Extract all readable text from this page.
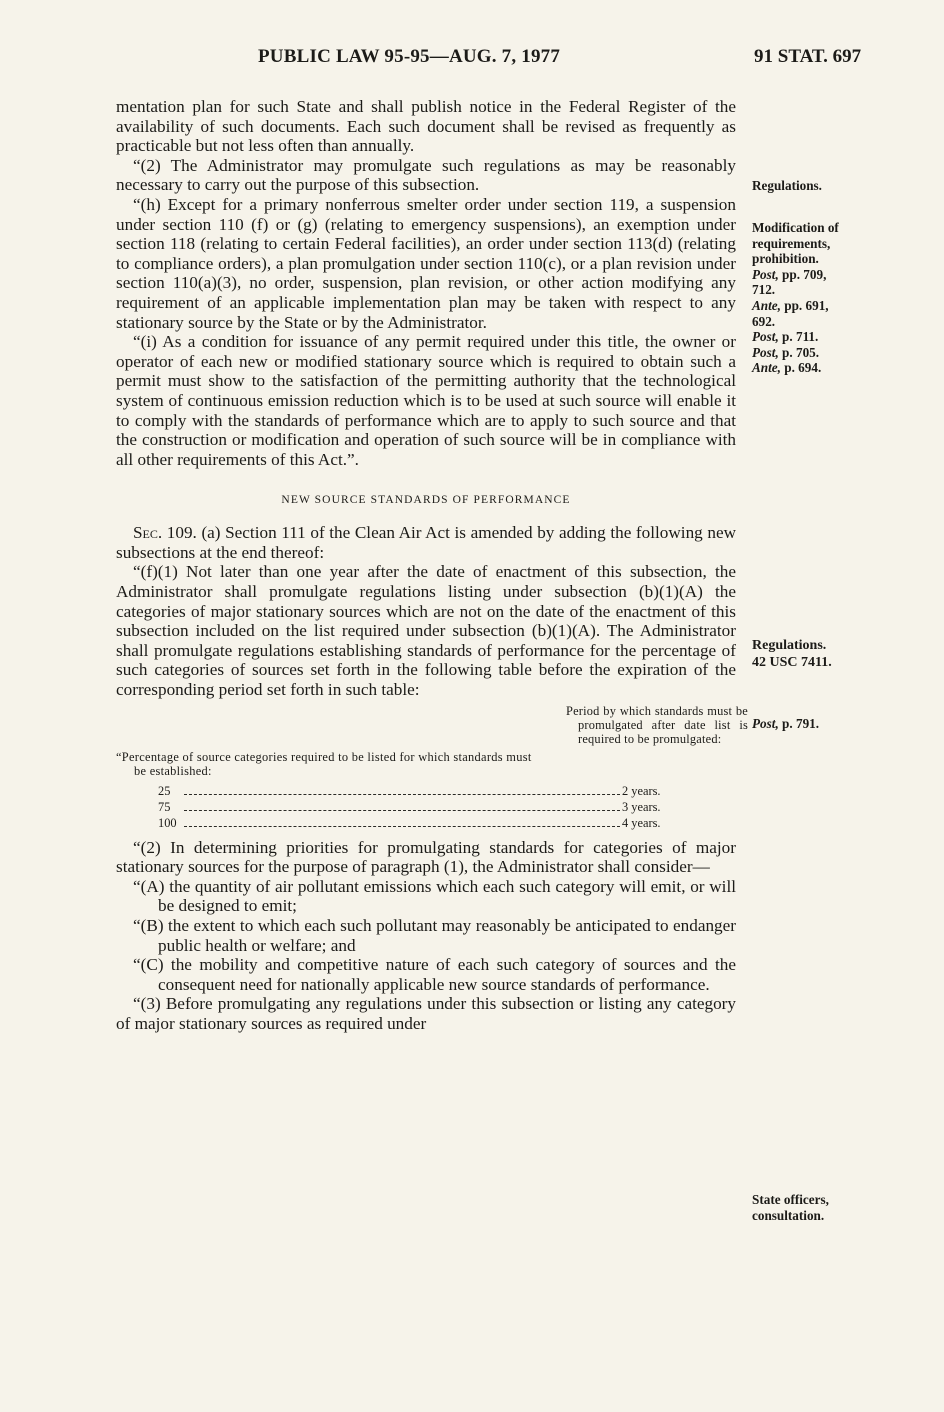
PUBLIC LAW 95-95—AUG. 7, 1977	91 STAT. 697

mentation plan for such State and shall publish notice in the Federal Register of the availability of such documents. Each such document shall be revised as frequently as practicable but not less often than annually.

“(2) The Administrator may promulgate such regulations as may be reasonably necessary to carry out the purpose of this subsection.

“(h) Except for a primary nonferrous smelter order under section 119, a suspension under section 110 (f) or (g) (relating to emergency suspensions), an exemption under section 118 (relating to certain Federal facilities), an order under section 113(d) (relating to compliance orders), a plan promulgation under section 110(c), or a plan revision under section 110(a)(3), no order, suspension, plan revision, or other action modifying any requirement of an applicable implementation plan may be taken with respect to any stationary source by the State or by the Administrator.

“(i) As a condition for issuance of any permit required under this title, the owner or operator of each new or modified stationary source which is required to obtain such a permit must show to the satisfaction of the permitting authority that the technological system of continuous emission reduction which is to be used at such source will enable it to comply with the standards of performance which are to apply to such source and that the construction or modification and operation of such source will be in compliance with all other requirements of this Act.”.

NEW SOURCE STANDARDS OF PERFORMANCE

Sec. 109. (a) Section 111 of the Clean Air Act is amended by adding the following new subsections at the end thereof:

“(f)(1) Not later than one year after the date of enactment of this subsection, the Administrator shall promulgate regulations listing under subsection (b)(1)(A) the categories of major stationary sources which are not on the date of the enactment of this subsection included on the list required under subsection (b)(1)(A). The Administrator shall promulgate regulations establishing standards of performance for the percentage of such categories of sources set forth in the following table before the expiration of the corresponding period set forth in such table:

Period by which standards must be promulgated after date list is required to be promulgated:
“Percentage of source categories required to be listed for which standards must be established:
25	2 years.
75	3 years.
100	4 years.

“(2) In determining priorities for promulgating standards for categories of major stationary sources for the purpose of paragraph (1), the Administrator shall consider—

“(A) the quantity of air pollutant emissions which each such category will emit, or will be designed to emit;

“(B) the extent to which each such pollutant may reasonably be anticipated to endanger public health or welfare; and

“(C) the mobility and competitive nature of each such category of sources and the consequent need for nationally applicable new source standards of performance.

“(3) Before promulgating any regulations under this subsection or listing any category of major stationary sources as required under

Regulations.
Modification of
requirements,
prohibition.
Post, pp. 709,
712.
Ante, pp. 691,
692.
Post, p. 711.
Post, p. 705.
Ante, p. 694.
Regulations.
42 USC 7411.
Post, p. 791.
State officers,
consultation.
